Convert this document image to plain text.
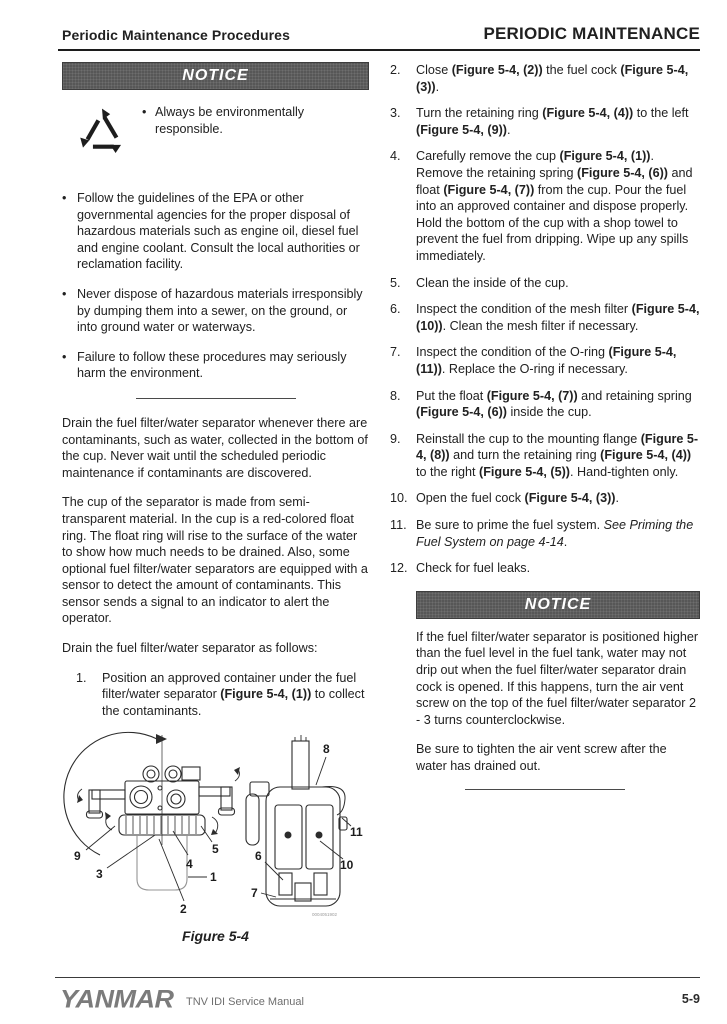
Periodic Maintenance Procedures	PERIODIC MAINTENANCE
NOTICE
• Always be environmentally responsible.
• Follow the guidelines of the EPA or other governmental agencies for the proper disposal of hazardous materials such as engine oil, diesel fuel and engine coolant. Consult the local authorities or reclamation facility.
• Never dispose of hazardous materials irresponsibly by dumping them into a sewer, on the ground, or into ground water or waterways.
• Failure to follow these procedures may seriously harm the environment.
Drain the fuel filter/water separator whenever there are contaminants, such as water, collected in the bottom of the cup. Never wait until the scheduled periodic maintenance if contaminants are discovered.
The cup of the separator is made from semi-transparent material. In the cup is a red-colored float ring. The float ring will rise to the surface of the water to show how much needs to be drained. Also, some optional fuel filter/water separators are equipped with a sensor to detect the amount of contaminants. This sensor sends a signal to an indicator to alert the operator.
Drain the fuel filter/water separator as follows:
1.	Position an approved container under the fuel filter/water separator (Figure 5-4, (1)) to collect the contaminants.
9
3
2
4
5
1
8
11
10
6
7
0004051902
Figure 5-4
2.	Close (Figure 5-4, (2)) the fuel cock (Figure 5-4, (3)).
3.	Turn the retaining ring (Figure 5-4, (4)) to the left (Figure 5-4, (9)).
4.	Carefully remove the cup (Figure 5-4, (1)). Remove the retaining spring (Figure 5-4, (6)) and float (Figure 5-4, (7)) from the cup. Pour the fuel into an approved container and dispose properly. Hold the bottom of the cup with a shop towel to prevent the fuel from dripping. Wipe up any spills immediately.
5.	Clean the inside of the cup.
6.	Inspect the condition of the mesh filter (Figure 5-4, (10)). Clean the mesh filter if necessary.
7.	Inspect the condition of the O-ring (Figure 5-4, (11)). Replace the O-ring if necessary.
8.	Put the float (Figure 5-4, (7)) and retaining spring (Figure 5-4, (6)) inside the cup.
9.	Reinstall the cup to the mounting flange (Figure 5-4, (8)) and turn the retaining ring (Figure 5-4, (4)) to the right (Figure 5-4, (5)). Hand-tighten only.
10. Open the fuel cock (Figure 5-4, (3)).
11. Be sure to prime the fuel system. See Priming the Fuel System on page 4-14.
12. Check for fuel leaks.
NOTICE
If the fuel filter/water separator is positioned higher than the fuel level in the fuel tank, water may not drip out when the fuel filter/water separator drain cock is opened. If this happens, turn the air vent screw on the top of the fuel filter/water separator 2 - 3 turns counterclockwise.
Be sure to tighten the air vent screw after the water has drained out.
YANMAR TNV IDI Service Manual	5-9
